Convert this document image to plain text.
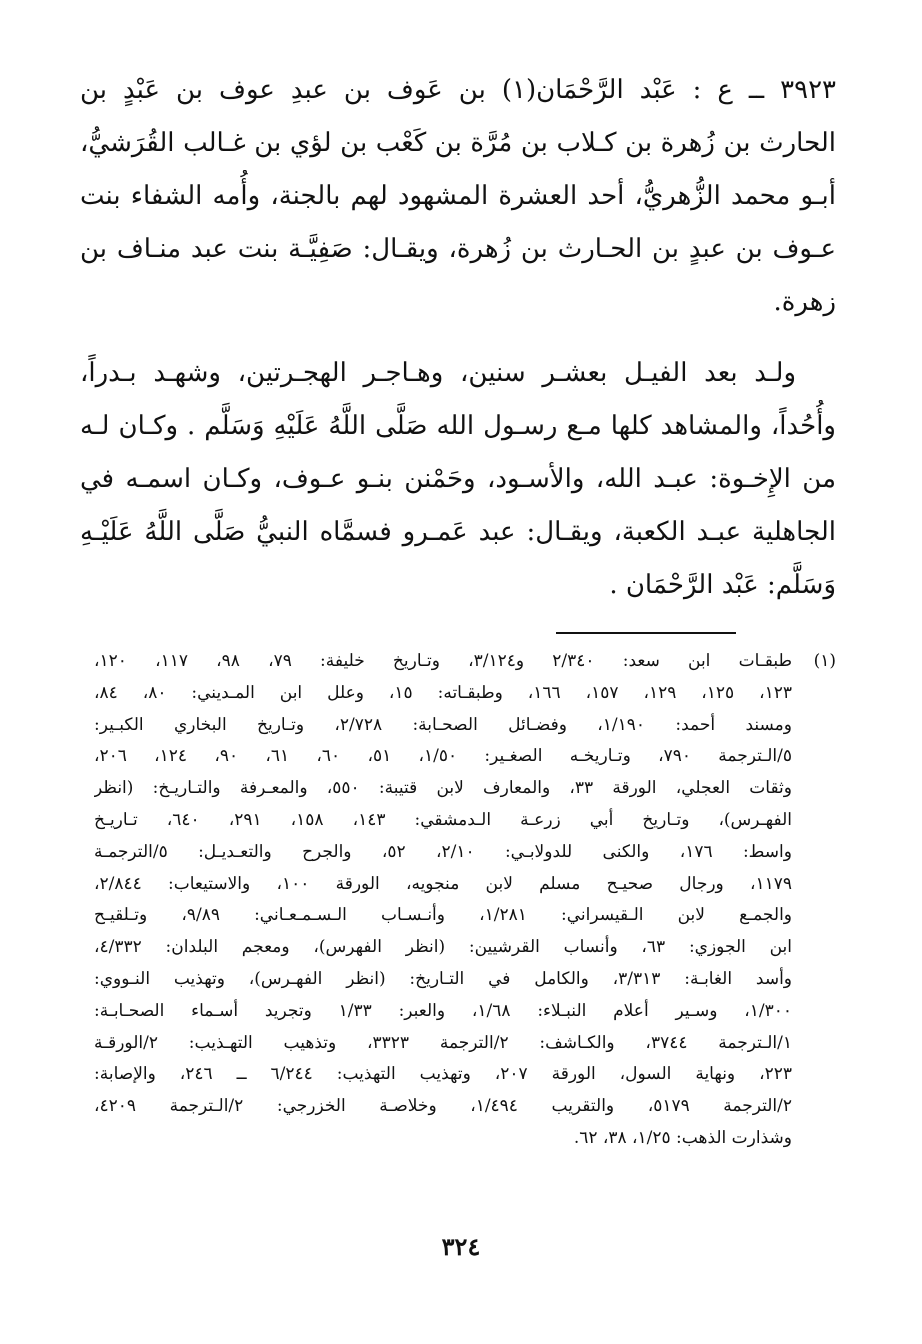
٣٩٢٣ ــ ع : عَبْد الرَّحْمَان(١) بن عَوف بن عبدِ عوف بن عَبْدٍ بن
الحارث بن زُهرة بن كـلاب بن مُرَّة بن كَعْب بن لؤي بن غـالب القُرَشيُّ،
أبـو محمد الزُّهريُّ، أحد العشرة المشهود لهم بالجنة، وأُمه الشفاء بنت
عـوف بن عبدٍ بن الحـارث بن زُهرة، ويقـال: صَفِيَّـة بنت عبد منـاف بن
زهرة.
ولـد بعد الفيـل بعشـر سنين، وهـاجـر الهجـرتين، وشهـد بـدراً،
وأُحُداً، والمشاهد كلها مـع رسـول الله صَلَّى اللَّهُ عَلَيْهِ وَسَلَّم . وكـان لـه
من الإِخـوة: عبـد الله، والأسـود، وحَمْنن بنـو عـوف، وكـان اسمـه في
الجاهلية عبـد الكعبة، ويقـال: عبد عَمـرو فسمَّاه النبيُّ صَلَّى اللَّهُ عَلَيْـهِ
وَسَلَّم: عَبْد الرَّحْمَان .
(١)
طبقـات ابن سعد: ٢/٣٤٠ و٣/١٢٤، وتـاريخ خليفة: ٧٩، ٩٨، ١١٧، ١٢٠،
١٢٣، ١٢٥، ١٢٩، ١٥٧، ١٦٦، وطبقـاته: ١٥، وعلل ابن المـديني: ٨٠، ٨٤،
ومسند أحمد: ١/١٩٠، وفضـائل الصحـابة: ٢/٧٢٨، وتـاريخ البخاري الكبـير:
٥/الـترجمة ٧٩٠، وتـاريخـه الصغـير: ١/٥٠، ٥١، ٦٠، ٦١، ٩٠، ١٢٤، ٢٠٦،
وثقات العجلي، الورقة ٣٣، والمعارف لابن قتيبة: ٥٥٠، والمعـرفة والتـاريـخ: (انظر
الفهـرس)، وتـاريخ أبي زرعـة الـدمشقي: ١٤٣، ١٥٨، ٢٩١، ٦٤٠، تـاريـخ
واسط: ١٧٦، والكنى للدولابـي: ٢/١٠، ٥٢، والجرح والتعـديـل: ٥/الترجمـة
١١٧٩، ورجال صحيـح مسلم لابن منجويه، الورقة ١٠٠، والاستيعاب: ٢/٨٤٤،
والجمـع لابن الـقيسراني: ١/٢٨١، وأنـسـاب الـسـمـعـاني: ٩/٨٩، وتـلقيـح
ابن الجوزي: ٦٣، وأنساب القرشيين: (انظر الفهرس)، ومعجم البلدان: ٤/٣٣٢،
وأسد الغابـة: ٣/٣١٣، والكامل في التـاريخ: (انظر الفهـرس)، وتهذيب النـووي:
١/٣٠٠، وسـير أعلام النبـلاء: ١/٦٨، والعبر: ١/٣٣ وتجريد أسـماء الصحـابـة:
١/الـترجمة ٣٧٤٤، والكـاشف: ٢/الترجمة ٣٣٢٣، وتذهيب التهـذيب: ٢/الورقـة
٢٢٣، ونهاية السول، الورقة ٢٠٧، وتهذيب التهذيب: ٦/٢٤٤ ــ ٢٤٦، والإصابة:
٢/الترجمة ٥١٧٩، والتقريب ١/٤٩٤، وخلاصـة الخزرجي: ٢/الـترجمة ٤٢٠٩،
وشذارت الذهب: ١/٢٥، ٣٨، ٦٢.
٣٢٤
